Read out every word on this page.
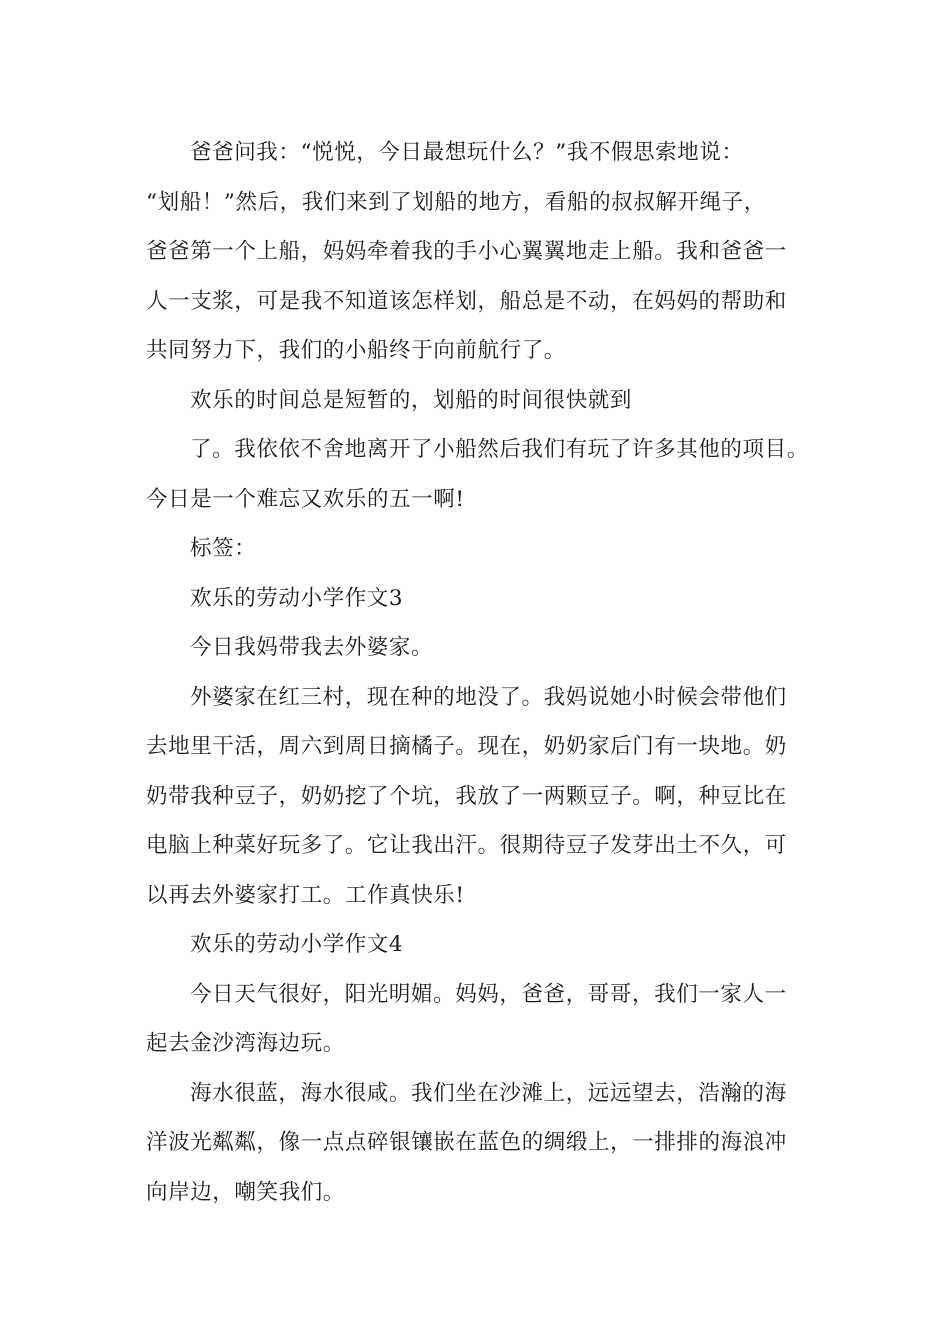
爸爸问我：“悦悦，今日最想玩什么？”我不假思索地说：
“划船！”然后，我们来到了划船的地方，看船的叔叔解开绳子，
爸爸第一个上船，妈妈牵着我的手小心翼翼地走上船。我和爸爸一
人一支浆，可是我不知道该怎样划，船总是不动，在妈妈的帮助和
共同努力下，我们的小船终于向前航行了。

欢乐的时间总是短暂的，划船的时间很快就到

了。我依依不舍地离开了小船然后我们有玩了许多其他的项目。
今日是一个难忘又欢乐的五一啊!

标签：

欢乐的劳动小学作文3

今日我妈带我去外婆家。

外婆家在红三村，现在种的地没了。我妈说她小时候会带他们
去地里干活，周六到周日摘橘子。现在，奶奶家后门有一块地。奶
奶带我种豆子，奶奶挖了个坑，我放了一两颗豆子。啊，种豆比在
电脑上种菜好玩多了。它让我出汗。很期待豆子发芽出土不久，可
以再去外婆家打工。工作真快乐!

欢乐的劳动小学作文4

今日天气很好，阳光明媚。妈妈，爸爸，哥哥，我们一家人一
起去金沙湾海边玩。

海水很蓝，海水很咸。我们坐在沙滩上，远远望去，浩瀚的海
洋波光粼粼，像一点点碎银镶嵌在蓝色的绸缎上，一排排的海浪冲
向岸边，嘲笑我们。
